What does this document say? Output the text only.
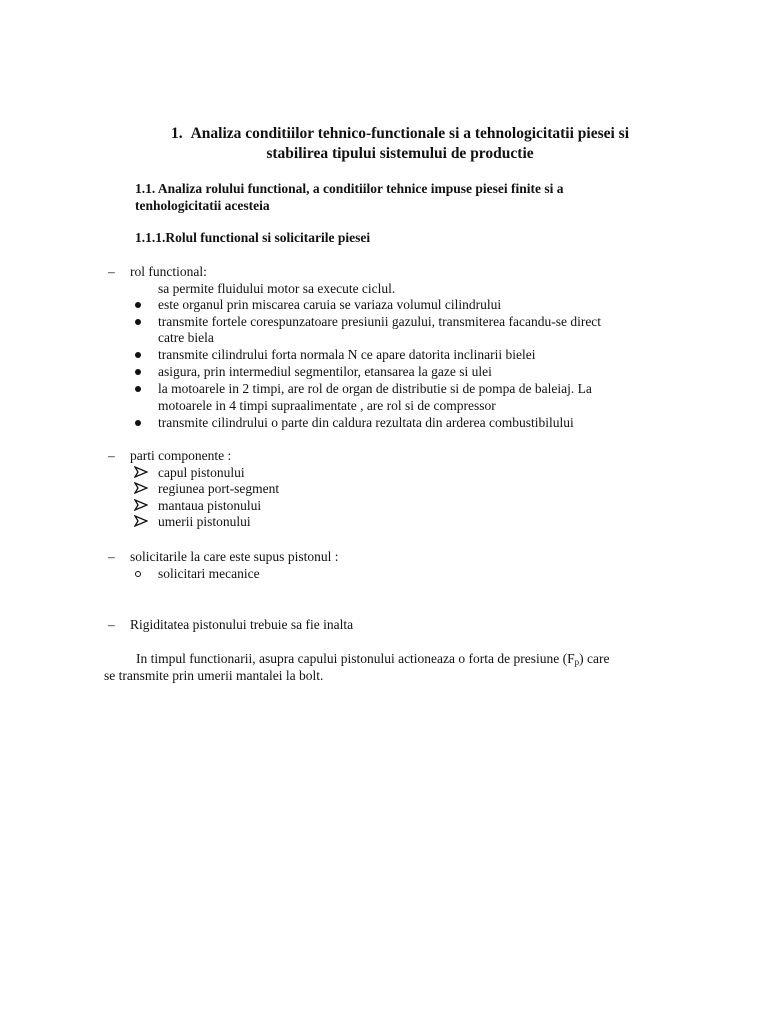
1. Analiza conditiilor tehnico-functionale si a tehnologicitatii piesei si
stabilirea tipului sistemului de productie
1.1. Analiza rolului functional, a conditiilor tehnice impuse piesei finite si a
tenhologicitatii acesteia
1.1.1.Rolul functional si solicitarile piesei
– rol functional:
sa permite fluidului motor sa execute ciclul.
este organul prin miscarea caruia se variaza volumul cilindrului
transmite fortele corespunzatoare presiunii gazului, transmiterea facandu-se direct
catre biela
transmite cilindrului forta normala N ce apare datorita inclinarii bielei
asigura, prin intermediul segmentilor, etansarea la gaze si ulei
la motoarele in 2 timpi, are rol de organ de distributie si de pompa de baleiaj. La
motoarele in 4 timpi supraalimentate , are rol si de compressor
transmite cilindrului o parte din caldura rezultata din arderea combustibilului
– parti componente :
capul pistonului
regiunea port-segment
mantaua pistonului
umerii pistonului
– solicitarile la care este supus pistonul :
solicitari mecanice
– Rigiditatea pistonului trebuie sa fie inalta
In timpul functionarii, asupra capului pistonului actioneaza o forta de presiune $(F_p)$ care
se transmite prin umerii mantalei la bolt.
